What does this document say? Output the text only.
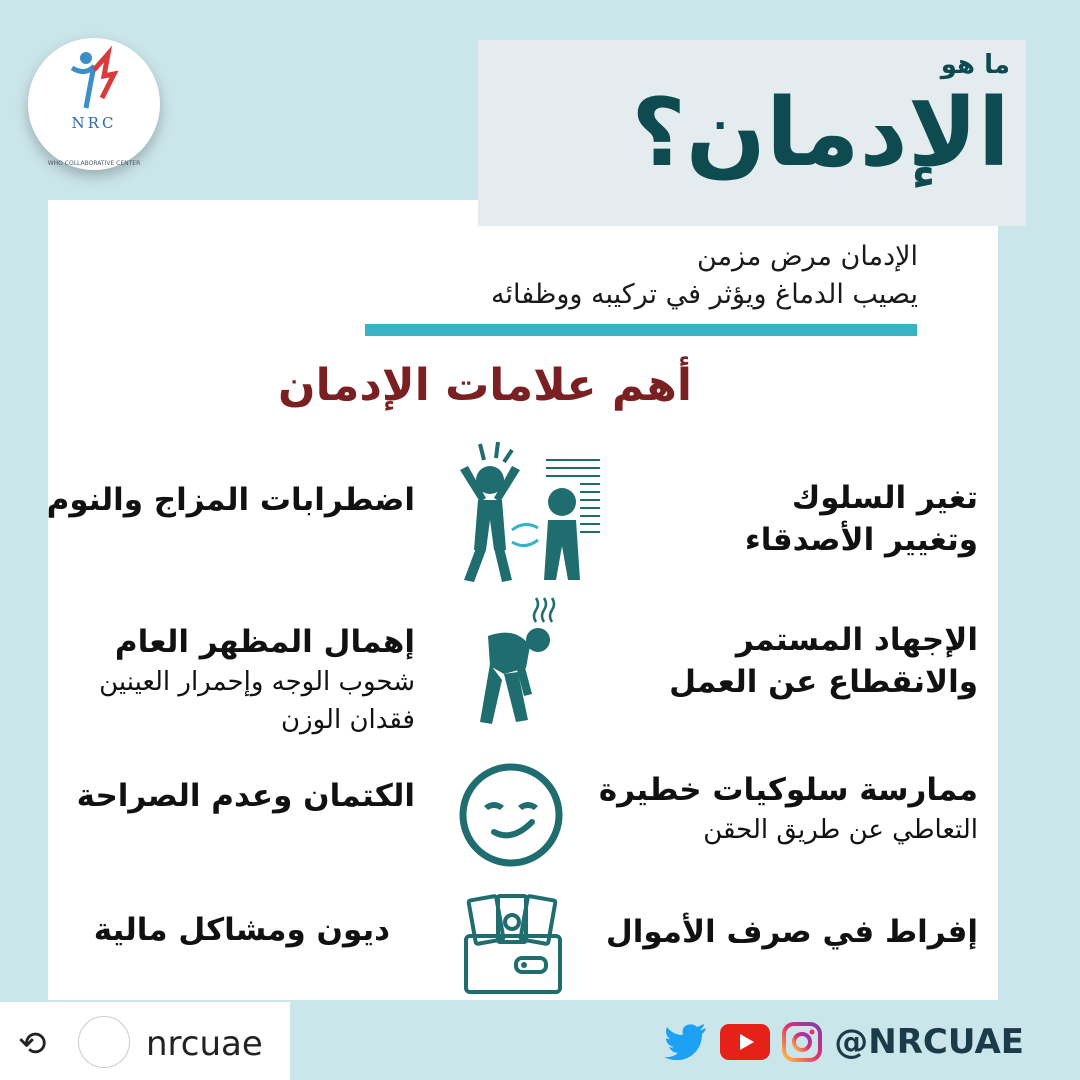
NRC
WHO COLLABORATIVE CENTER
ما هو
الإدمان؟
الإدمان مرض مزمن
يصيب الدماغ ويؤثر في تركيبه ووظفائه
أهم علامات الإدمان
تغير السلوك
وتغيير الأصدقاء
اضطرابات المزاج والنوم
الإجهاد المستمر
والانقطاع عن العمل
إهمال المظهر العام
شحوب الوجه وإحمرار العينين
فقدان الوزن
ممارسة سلوكيات خطيرة
التعاطي عن طريق الحقن
الكتمان وعدم الصراحة
إفراط في صرف الأموال
ديون ومشاكل مالية
⟲	nrcuae	@NRCUAE
